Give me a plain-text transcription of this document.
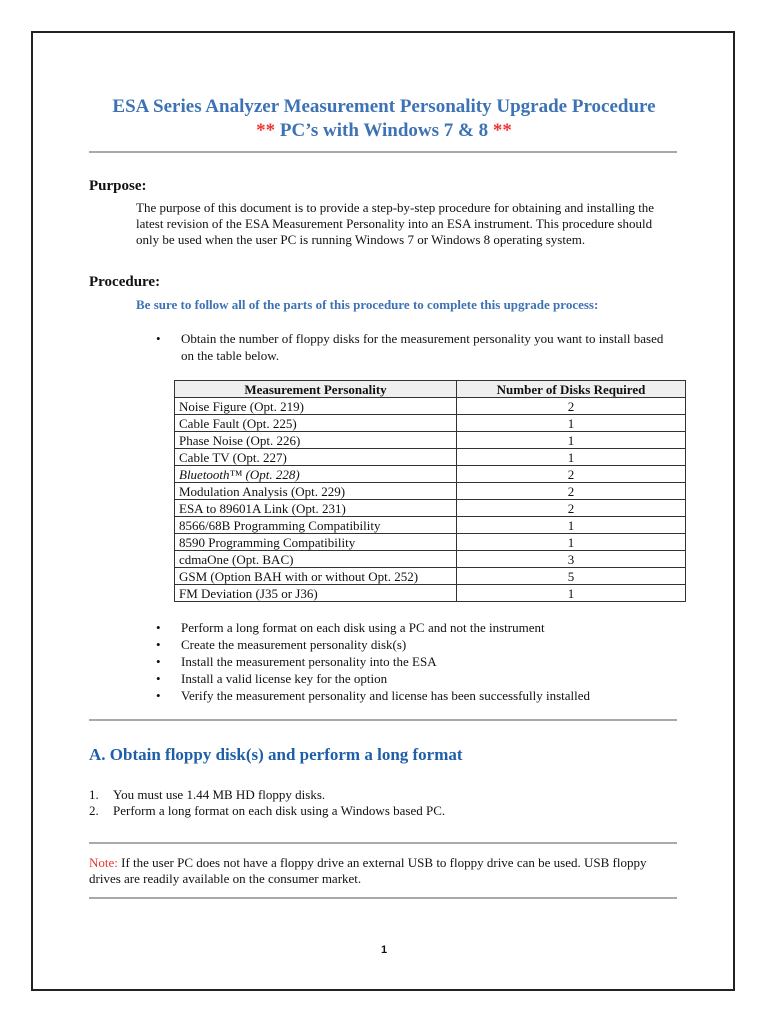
ESA Series Analyzer Measurement Personality Upgrade Procedure
** PC’s with Windows 7 & 8 **
Purpose:

The purpose of this document is to provide a step-by-step procedure for obtaining and installing the latest revision of the ESA Measurement Personality into an ESA instrument. This procedure should only be used when the user PC is running Windows 7 or Windows 8 operating system.

Procedure:
Be sure to follow all of the parts of this procedure to complete this upgrade process:
• Obtain the number of floppy disks for the measurement personality you want to install based on the table below.
Measurement Personality	Number of Disks Required
Noise Figure (Opt. 219)	2
Cable Fault (Opt. 225)	1
Phase Noise (Opt. 226)	1
Cable TV (Opt. 227)	1
Bluetooth™ (Opt. 228)	2
Modulation Analysis (Opt. 229)	2
ESA to 89601A Link (Opt. 231)	2
8566/68B Programming Compatibility	1
8590 Programming Compatibility	1
cdmaOne (Opt. BAC)	3
GSM (Option BAH with or without Opt. 252)	5
FM Deviation (J35 or J36)	1
• Perform a long format on each disk using a PC and not the instrument
• Create the measurement personality disk(s)
• Install the measurement personality into the ESA
• Install a valid license key for the option
• Verify the measurement personality and license has been successfully installed
A. Obtain floppy disk(s) and perform a long format
1.	You must use 1.44 MB HD floppy disks.
2.	Perform a long format on each disk using a Windows based PC.
Note: If the user PC does not have a floppy drive an external USB to floppy drive can be used. USB floppy drives are readily available on the consumer market.
1
